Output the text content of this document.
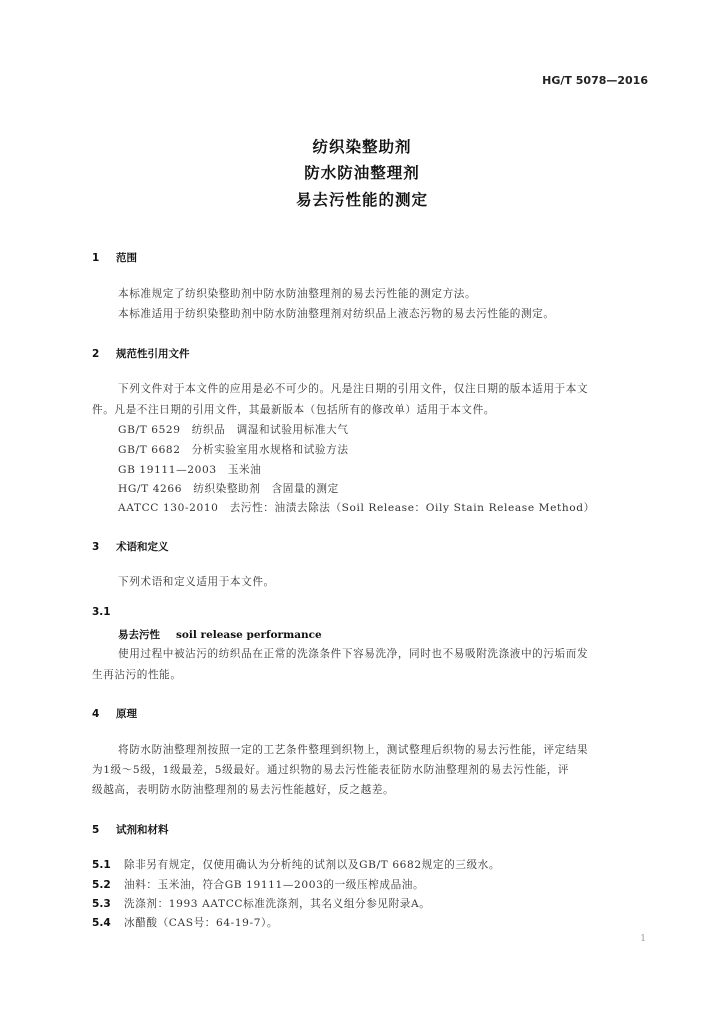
HG/T 5078—2016
纺织染整助剂
防水防油整理剂
易去污性能的测定
1 范围
本标准规定了纺织染整助剂中防水防油整理剂的易去污性能的测定方法。
本标准适用于纺织染整助剂中防水防油整理剂对纺织品上液态污物的易去污性能的测定。
2 规范性引用文件
下列文件对于本文件的应用是必不可少的。凡是注日期的引用文件，仅注日期的版本适用于本文
件。凡是不注日期的引用文件，其最新版本（包括所有的修改单）适用于本文件。
GB/T 6529　纺织品　调湿和试验用标准大气
GB/T 6682　分析实验室用水规格和试验方法
GB 19111—2003　玉米油
HG/T 4266　纺织染整助剂　含固量的测定
AATCC 130-2010　去污性：油渍去除法（Soil Release：Oily Stain Release Method）
3 术语和定义
下列术语和定义适用于本文件。
3.1
易去污性 soil release performance
使用过程中被沾污的纺织品在正常的洗涤条件下容易洗净，同时也不易吸附洗涤液中的污垢而发
生再沾污的性能。
4 原理
将防水防油整理剂按照一定的工艺条件整理到织物上，测试整理后织物的易去污性能，评定结果
为1级～5级，1级最差，5级最好。通过织物的易去污性能表征防水防油整理剂的易去污性能，评
级越高，表明防水防油整理剂的易去污性能越好，反之越差。
5 试剂和材料
5.1 除非另有规定，仅使用确认为分析纯的试剂以及GB/T 6682规定的三级水。
5.2 油料：玉米油，符合GB 19111—2003的一级压榨成品油。
5.3 洗涤剂：1993 AATCC标准洗涤剂，其名义组分参见附录A。
5.4 冰醋酸（CAS号：64-19-7）。
1
